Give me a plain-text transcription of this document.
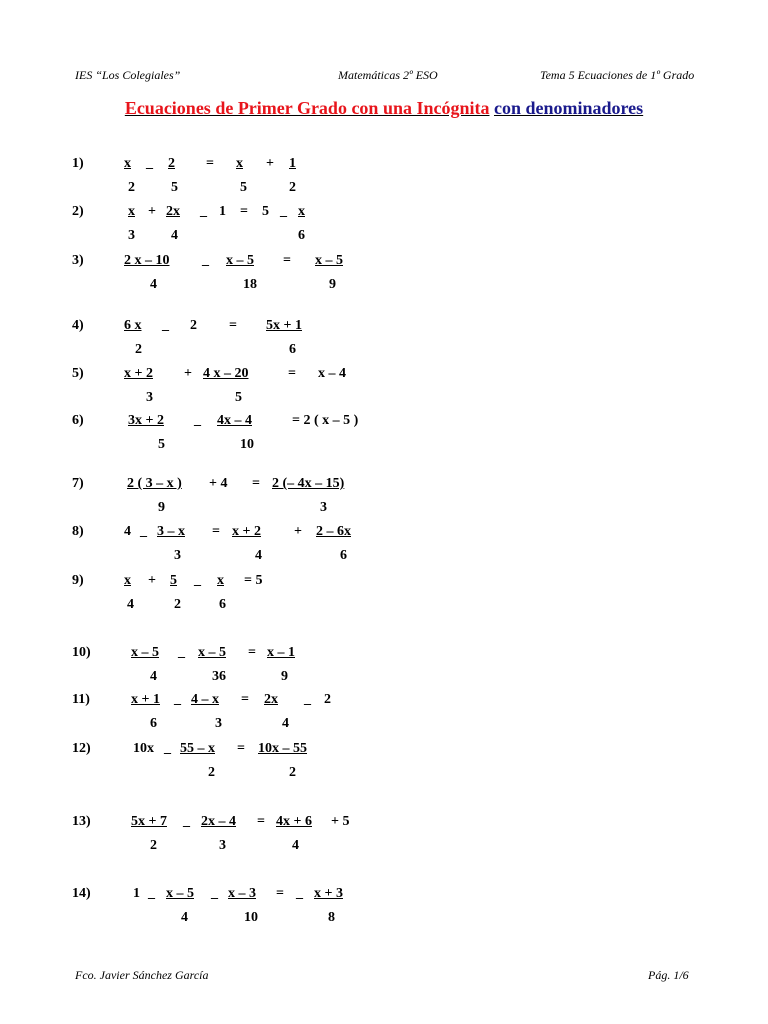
IES “Los Colegiales”	Matemáticas 2º ESO	Tema 5 Ecuaciones de 1º Grado
Ecuaciones de Primer Grado con una Incógnita con denominadores
1)	x _ 2 = x + 1
2	5	5	2
2)	x + 2x _ 1 = 5 _ x
3	4	6
3)	2 x – 10 _ x – 5 = x – 5
4	18	9
4)	6 x _ 2 = 5x + 1
2	6
5)	x + 2 + 4 x – 20	= x – 4
3	5
6)	3x + 2 _ 4x – 4	= 2 ( x – 5 )
5	10
7)	2 ( 3 – x ) + 4 = 2 (– 4x – 15)
9	3
8)	4 _ 3 – x = x + 2 + 2 – 6x
3	4	6
9)	x + 5 _ x = 5
4	2	6
10)	x – 5 _ x – 5 = x – 1
4	36	9
11)	x + 1 _ 4 – x = 2x _ 2
6	3	4
12)	10x _ 55 – x = 10x – 55
2	2
13)	5x + 7 _ 2x – 4 = 4x + 6 + 5
2	3	4
14)	1 _ x – 5 _ x – 3 = _ x + 3
4	10	8
Fco. Javier Sánchez García	Pág. 1/6
